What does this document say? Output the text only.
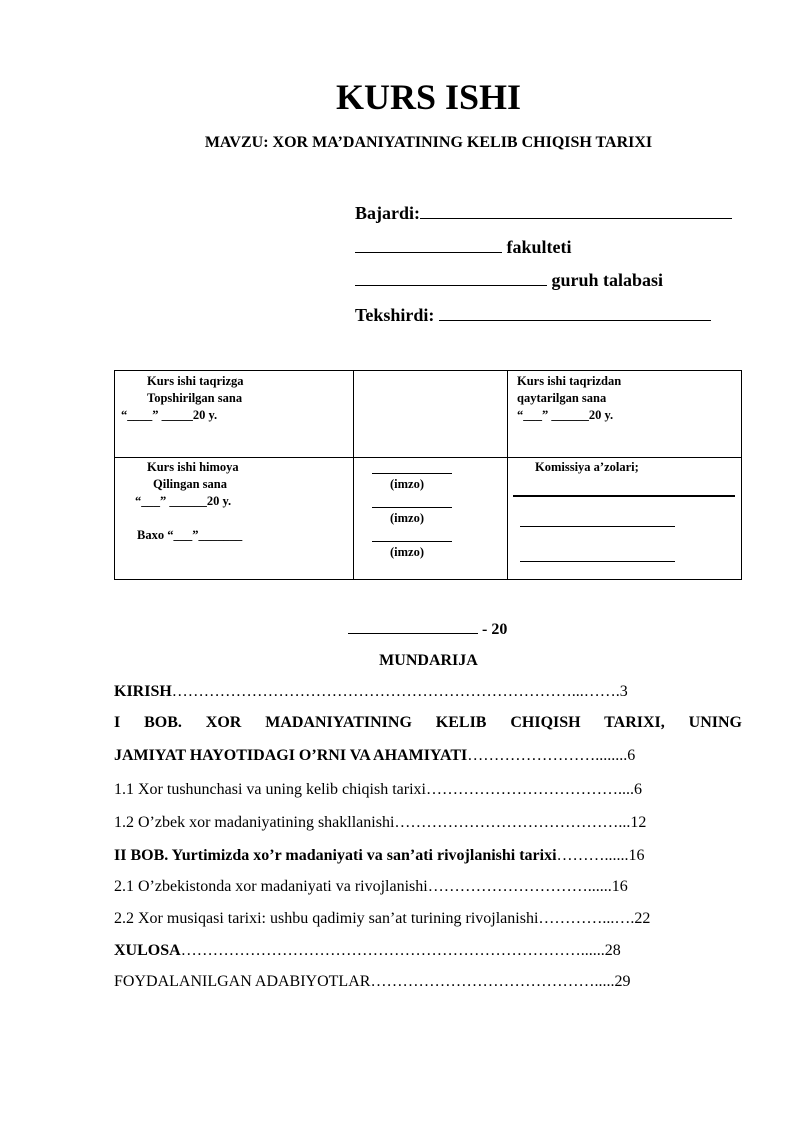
KURS ISHI
MAVZU: XOR MA’DANIYATINING KELIB CHIQISH TARIXI
Bajardi:
fakulteti
guruh talabasi
Tekshirdi:
Kurs ishi taqrizga
Topshirilgan sana
“____” _____20 y.
Kurs ishi taqrizdan
qaytarilgan sana
“___” ______20 y.
Kurs ishi himoya
Qilingan sana
“___” ______20 y.
Baxo “___”_______
(imzo)
(imzo)
(imzo)
Komissiya a’zolari;
- 20
MUNDARIJA
KIRISH…………………………………………………………………...…….3
I BOB. XOR MADANIYATINING KELIB CHIQISH TARIXI, UNING
JAMIYAT HAYOTIDAGI O’RNI VA AHAMIYATI……………………........6
1.1 Xor tushunchasi va uning kelib chiqish tarixi………………………………....6
1.2 O’zbek xor madaniyatining shakllanishi……………………………………...12
II BOB. Yurtimizda xo’r madaniyati va san’ati rivojlanishi tarixi………......16
2.1 O’zbekistonda xor madaniyati va rivojlanishi…………………………......16
2.2 Xor musiqasi tarixi: ushbu qadimiy san’at turining rivojlanishi…………...….22
XULOSA…………………………………………………………………......28
FOYDALANILGAN ADABIYOTLAR…………………………………….....29
